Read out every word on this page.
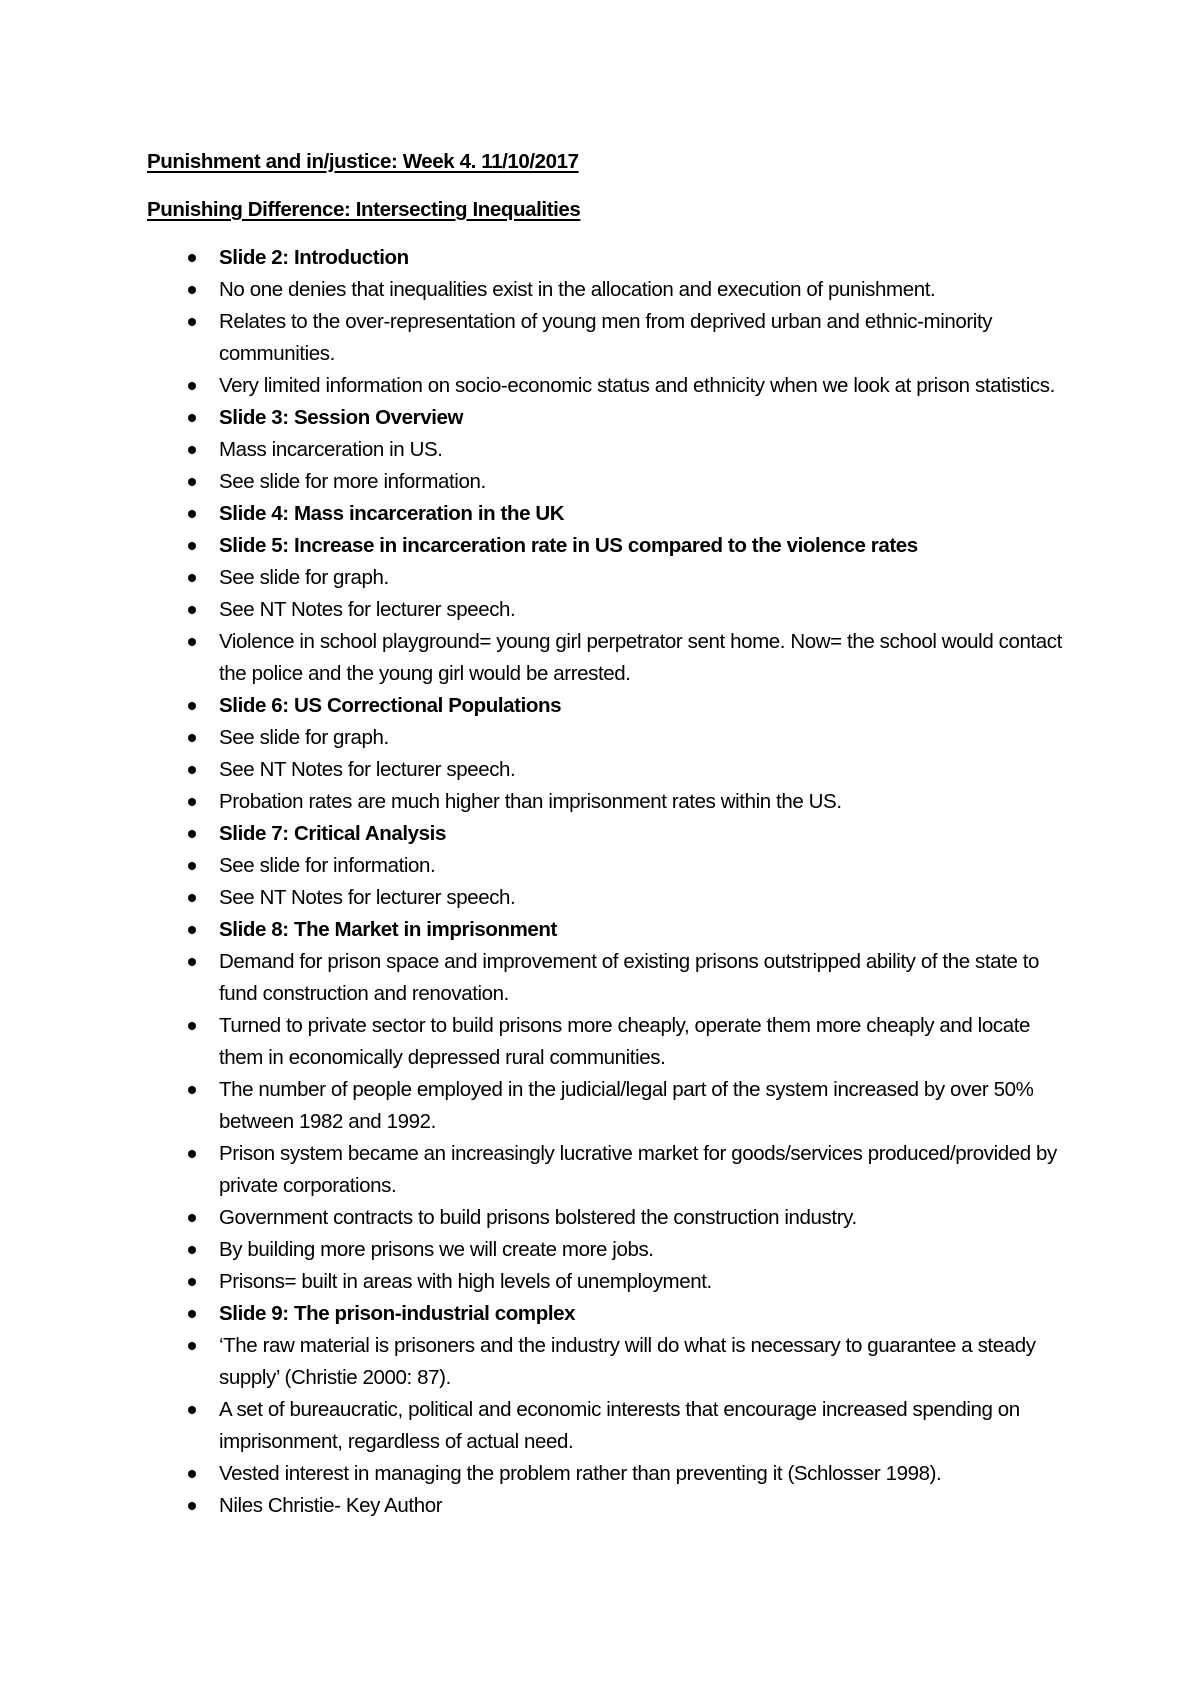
Punishment and in/justice: Week 4. 11/10/2017
Punishing Difference: Intersecting Inequalities
Slide 2: Introduction
No one denies that inequalities exist in the allocation and execution of punishment.
Relates to the over-representation of young men from deprived urban and ethnic-minority communities.
Very limited information on socio-economic status and ethnicity when we look at prison statistics.
Slide 3: Session Overview
Mass incarceration in US.
See slide for more information.
Slide 4: Mass incarceration in the UK
Slide 5: Increase in incarceration rate in US compared to the violence rates
See slide for graph.
See NT Notes for lecturer speech.
Violence in school playground= young girl perpetrator sent home. Now= the school would contact the police and the young girl would be arrested.
Slide 6: US Correctional Populations
See slide for graph.
See NT Notes for lecturer speech.
Probation rates are much higher than imprisonment rates within the US.
Slide 7: Critical Analysis
See slide for information.
See NT Notes for lecturer speech.
Slide 8: The Market in imprisonment
Demand for prison space and improvement of existing prisons outstripped ability of the state to fund construction and renovation.
Turned to private sector to build prisons more cheaply, operate them more cheaply and locate them in economically depressed rural communities.
The number of people employed in the judicial/legal part of the system increased by over 50% between 1982 and 1992.
Prison system became an increasingly lucrative market for goods/services produced/provided by private corporations.
Government contracts to build prisons bolstered the construction industry.
By building more prisons we will create more jobs.
Prisons= built in areas with high levels of unemployment.
Slide 9: The prison-industrial complex
‘The raw material is prisoners and the industry will do what is necessary to guarantee a steady supply’ (Christie 2000: 87).
A set of bureaucratic, political and economic interests that encourage increased spending on imprisonment, regardless of actual need.
Vested interest in managing the problem rather than preventing it (Schlosser 1998).
Niles Christie- Key Author
